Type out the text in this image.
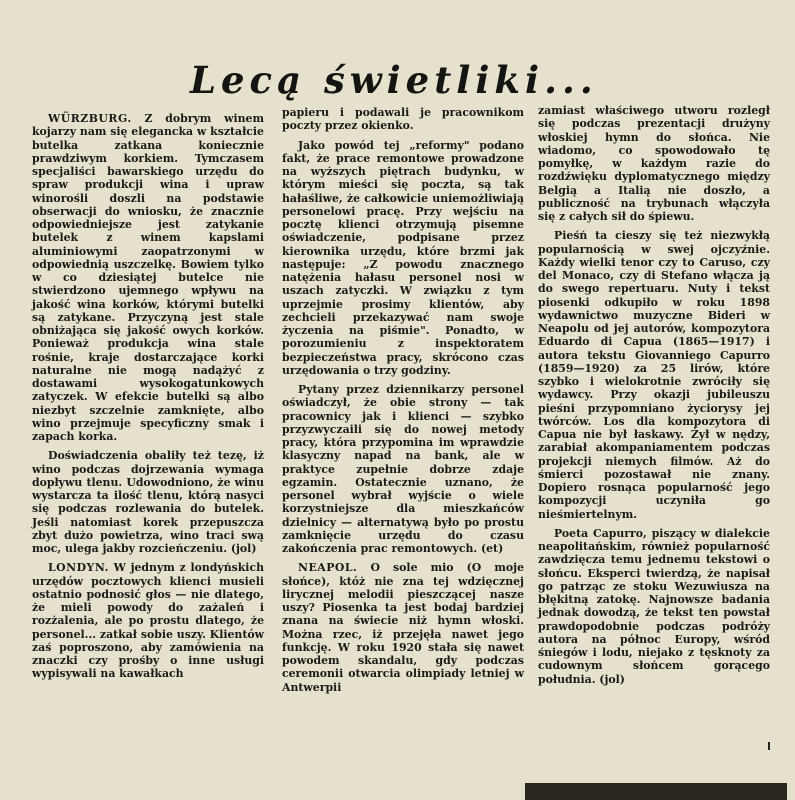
Lecą świetliki...

WÜRZBURG. Z dobrym winem kojarzy nam się elegancka w kształcie butelka zatkana koniecznie prawdziwym korkiem. Tymczasem specjaliści bawarskiego urzędu do spraw produkcji wina i upraw winorośli doszli na podstawie obserwacji do wniosku, że znacznie odpowiedniejsze jest zatykanie butelek z winem kapslami aluminiowymi zaopatrzonymi w odpowiednią uszczelkę. Bowiem tylko w co dziesiątej butelce nie stwierdzono ujemnego wpływu na jakość wina korków, którymi butelki są zatykane. Przyczyną jest stale obniżająca się jakość owych korków. Ponieważ produkcja wina stale rośnie, kraje dostarczające korki naturalne nie mogą nadążyć z dostawami wysokogatunkowych zatyczek. W efekcie butelki są albo niezbyt szczelnie zamknięte, albo wino przejmuje specyficzny smak i zapach korka.

Doświadczenia obaliły też tezę, iż wino podczas dojrzewania wymaga dopływu tlenu. Udowodniono, że winu wystarcza ta ilość tlenu, którą nasyci się podczas rozlewania do butelek. Jeśli natomiast korek przepuszcza zbyt dużo powietrza, wino traci swą moc, ulega jakby rozcieńczeniu. (jol)

LONDYN. W jednym z londyńskich urzędów pocztowych klienci musieli ostatnio podnosić głos — nie dlatego, że mieli powody do zażaleń i rozżalenia, ale po prostu dlatego, że personel... zatkał sobie uszy. Klientów zaś poproszono, aby zamówienia na znaczki czy prośby o inne usługi wypisywali na kawałkach

papieru i podawali je pracownikom poczty przez okienko.

Jako powód tej „reformy" podano fakt, że prace remontowe prowadzone na wyższych piętrach budynku, w którym mieści się poczta, są tak hałaśliwe, że całkowicie uniemożliwiają personelowi pracę. Przy wejściu na pocztę klienci otrzymują pisemne oświadczenie, podpisane przez kierownika urzędu, które brzmi jak następuje: „Z powodu znacznego natężenia hałasu personel nosi w uszach zatyczki. W związku z tym uprzejmie prosimy klientów, aby zechcieli przekazywać nam swoje życzenia na piśmie". Ponadto, w porozumieniu z inspektoratem bezpieczeństwa pracy, skrócono czas urzędowania o trzy godziny.

Pytany przez dziennikarzy personel oświadczył, że obie strony — tak pracownicy jak i klienci — szybko przyzwyczaili się do nowej metody pracy, która przypomina im wprawdzie klasyczny napad na bank, ale w praktyce zupełnie dobrze zdaje egzamin. Ostatecznie uznano, że personel wybrał wyjście o wiele korzystniejsze dla mieszkańców dzielnicy — alternatywą było po prostu zamknięcie urzędu do czasu zakończenia prac remontowych. (et)

NEAPOL. O sole mio (O moje słońce), któż nie zna tej wdzięcznej lirycznej melodii pieszczącej nasze uszy? Piosenka ta jest bodaj bardziej znana na świecie niż hymn włoski. Można rzec, iż przejęła nawet jego funkcję. W roku 1920 stała się nawet powodem skandalu, gdy podczas ceremonii otwarcia olimpiady letniej w Antwerpii

zamiast właściwego utworu rozległ się podczas prezentacji drużyny włoskiej hymn do słońca. Nie wiadomo, co spowodowało tę pomyłkę, w każdym razie do rozdźwięku dyplomatycznego między Belgią a Italią nie doszło, a publiczność na trybunach włączyła się z całych sił do śpiewu.

Pieśń ta cieszy się też niezwykłą popularnością w swej ojczyźnie. Każdy wielki tenor czy to Caruso, czy del Monaco, czy di Stefano włącza ją do swego repertuaru. Nuty i tekst piosenki odkupiło w roku 1898 wydawnictwo muzyczne Bideri w Neapolu od jej autorów, kompozytora Eduardo di Capua (1865—1917) i autora tekstu Giovanniego Capurro (1859—1920) za 25 lirów, które szybko i wielokrotnie zwróciły się wydawcy. Przy okazji jubileuszu pieśni przypomniano życiorysy jej twórców. Los dla kompozytora di Capua nie był łaskawy. Żył w nędzy, zarabiał akompaniamentem podczas projekcji niemych filmów. Aż do śmierci pozostawał nie znany. Dopiero rosnąca popularność jego kompozycji uczyniła go nieśmiertelnym.

Poeta Capurro, piszący w dialekcie neapolitańskim, również popularność zawdzięcza temu jednemu tekstowi o słońcu. Eksperci twierdzą, że napisał go patrząc ze stoku Wezuwiusza na błękitną zatokę. Najnowsze badania jednak dowodzą, że tekst ten powstał prawdopodobnie podczas podróży autora na północ Europy, wśród śniegów i lodu, niejako z tęsknoty za cudownym słońcem gorącego południa. (jol)
